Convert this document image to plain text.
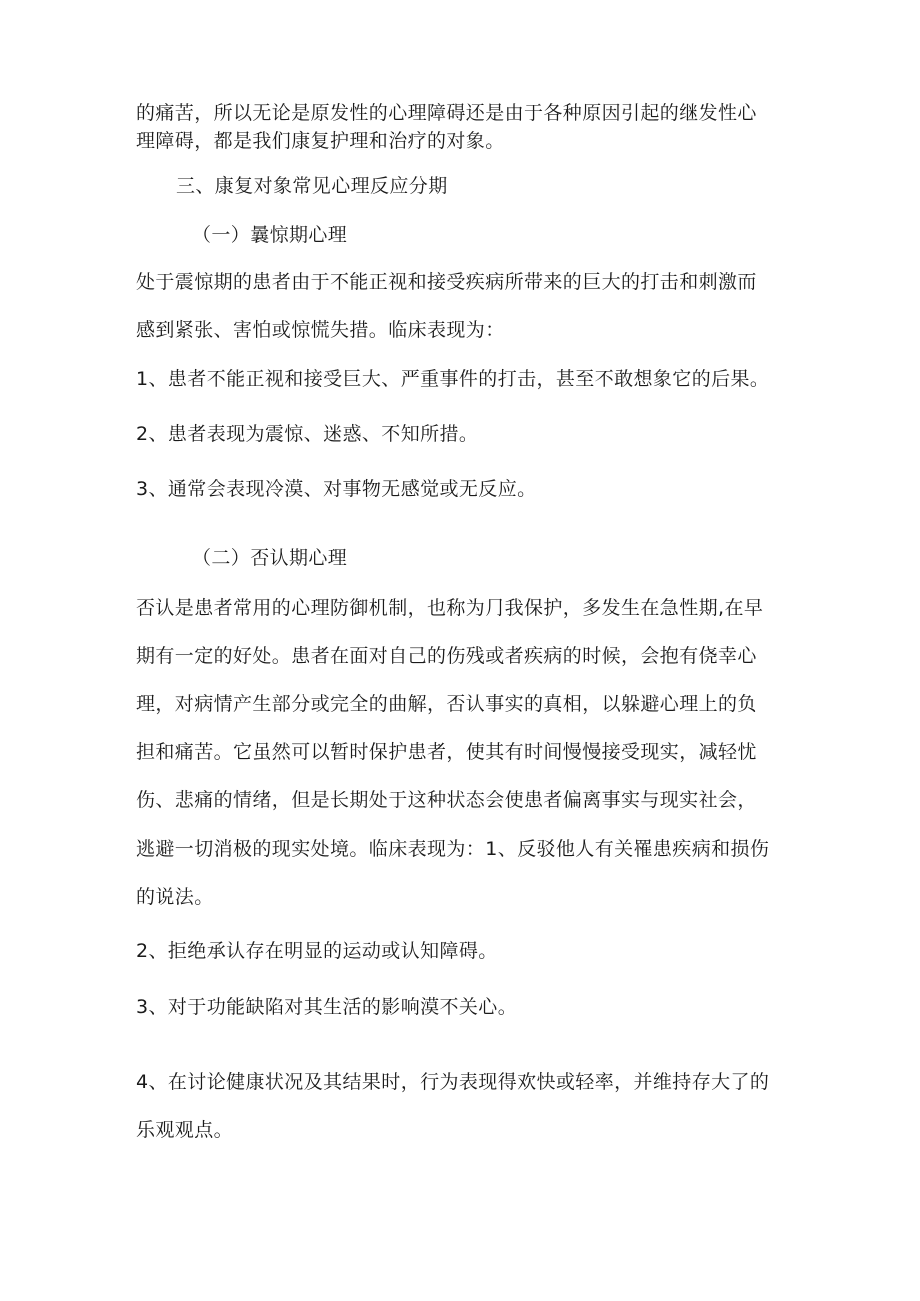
的痛苦，所以无论是原发性的心理障碍还是由于各种原因引起的继发性心
理障碍，都是我们康复护理和治疗的对象。
三、康复对象常见心理反应分期
（一）曩惊期心理
处于震惊期的患者由于不能正视和接受疾病所带来的巨大的打击和刺激而
感到紧张、害怕或惊慌失措。临床表现为：
1、患者不能正视和接受巨大、严重事件的打击，甚至不敢想象它的后果。
2、患者表现为震惊、迷惑、不知所措。
3、通常会表现冷漠、对事物无感觉或无反应。
（二）否认期心理
否认是患者常用的心理防御机制，也称为⺆我保护，多发生在急性期,在早
期有一定的好处。患者在面对自己的伤残或者疾病的时候，会抱有侥幸心
理，对病情产生部分或完全的曲解，否认事实的真相，以躲避心理上的负
担和痛苦。它虽然可以暂时保护患者，使其有时间慢慢接受现实，减轻忧
伤、悲痛的情绪，但是长期处于这种状态会使患者偏离事实与现实社会，
逃避一切消极的现实处境。临床表现为：1、反驳他人有关罹患疾病和损伤
的说法。
2、拒绝承认存在明显的运动或认知障碍。
3、对于功能缺陷对其生活的影响漠不关心。
4、在讨论健康状况及其结果时，行为表现得欢快或轻率，并维持存大了的
乐观观点。
